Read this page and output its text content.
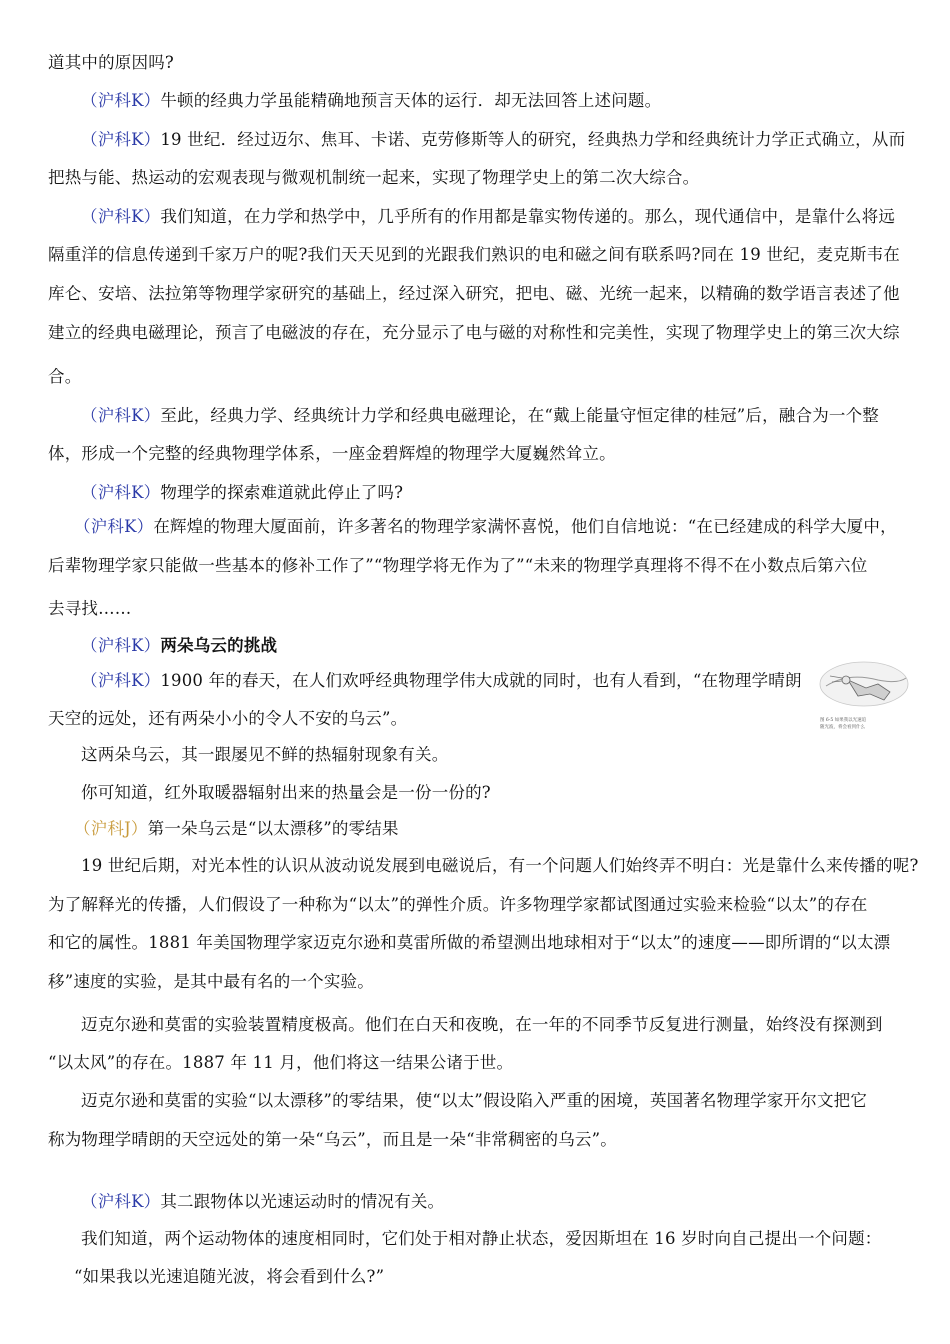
道其中的原因吗?
（沪科K）牛顿的经典力学虽能精确地预言天体的运行．却无法回答上述问题。
（沪科K）19 世纪．经过迈尔、焦耳、卡诺、克劳修斯等人的研究，经典热力学和经典统计力学正式确立，从而
把热与能、热运动的宏观表现与微观机制统一起来，实现了物理学史上的第二次大综合。
（沪科K）我们知道，在力学和热学中，几乎所有的作用都是靠实物传递的。那么，现代通信中，是靠什么将远
隔重洋的信息传递到千家万户的呢?我们天天见到的光跟我们熟识的电和磁之间有联系吗?同在 19 世纪，麦克斯韦在
库仑、安培、法拉第等物理学家研究的基础上，经过深入研究，把电、磁、光统一起来，以精确的数学语言表述了他
建立的经典电磁理论，预言了电磁波的存在，充分显示了电与磁的对称性和完美性，实现了物理学史上的第三次大综
合。
（沪科K）至此，经典力学、经典统计力学和经典电磁理论，在“戴上能量守恒定律的桂冠”后，融合为一个整
体，形成一个完整的经典物理学体系，一座金碧辉煌的物理学大厦巍然耸立。
（沪科K）物理学的探索难道就此停止了吗?
（沪科K）在辉煌的物理大厦面前，许多著名的物理学家满怀喜悦，他们自信地说：“在已经建成的科学大厦中，
后辈物理学家只能做一些基本的修补工作了”“物理学将无作为了”“未来的物理学真理将不得不在小数点后第六位
去寻找……
（沪科K）两朵乌云的挑战
（沪科K）1900 年的春天，在人们欢呼经典物理学伟大成就的同时，也有人看到，“在物理学晴朗
天空的远处，还有两朵小小的令人不安的乌云”。
这两朵乌云，其一跟屡见不鲜的热辐射现象有关。
你可知道，红外取暖器辐射出来的热量会是一份一份的?
（沪科J）第一朵乌云是“以太漂移”的零结果
19 世纪后期，对光本性的认识从波动说发展到电磁说后，有一个问题人们始终弄不明白：光是靠什么来传播的呢?
为了解释光的传播，人们假设了一种称为“以太”的弹性介质。许多物理学家都试图通过实验来检验“以太”的存在
和它的属性。1881 年美国物理学家迈克尔逊和莫雷所做的希望测出地球相对于“以太”的速度——即所谓的“以太漂
移”速度的实验，是其中最有名的一个实验。
迈克尔逊和莫雷的实验装置精度极高。他们在白天和夜晚，在一年的不同季节反复进行测量，始终没有探测到
“以太风”的存在。1887 年 11 月，他们将这一结果公诸于世。
迈克尔逊和莫雷的实验“以太漂移”的零结果，使“以太”假设陷入严重的困境，英国著名物理学家开尔文把它
称为物理学晴朗的天空远处的第一朵“乌云”，而且是一朵“非常稠密的乌云”。
（沪科K）其二跟物体以光速运动时的情况有关。
我们知道，两个运动物体的速度相同时，它们处于相对静止状态，爱因斯坦在 16 岁时向自己提出一个问题：
“如果我以光速追随光波，将会看到什么?”
图 6-5 如果我以光速追
随光波，将会看到什么
